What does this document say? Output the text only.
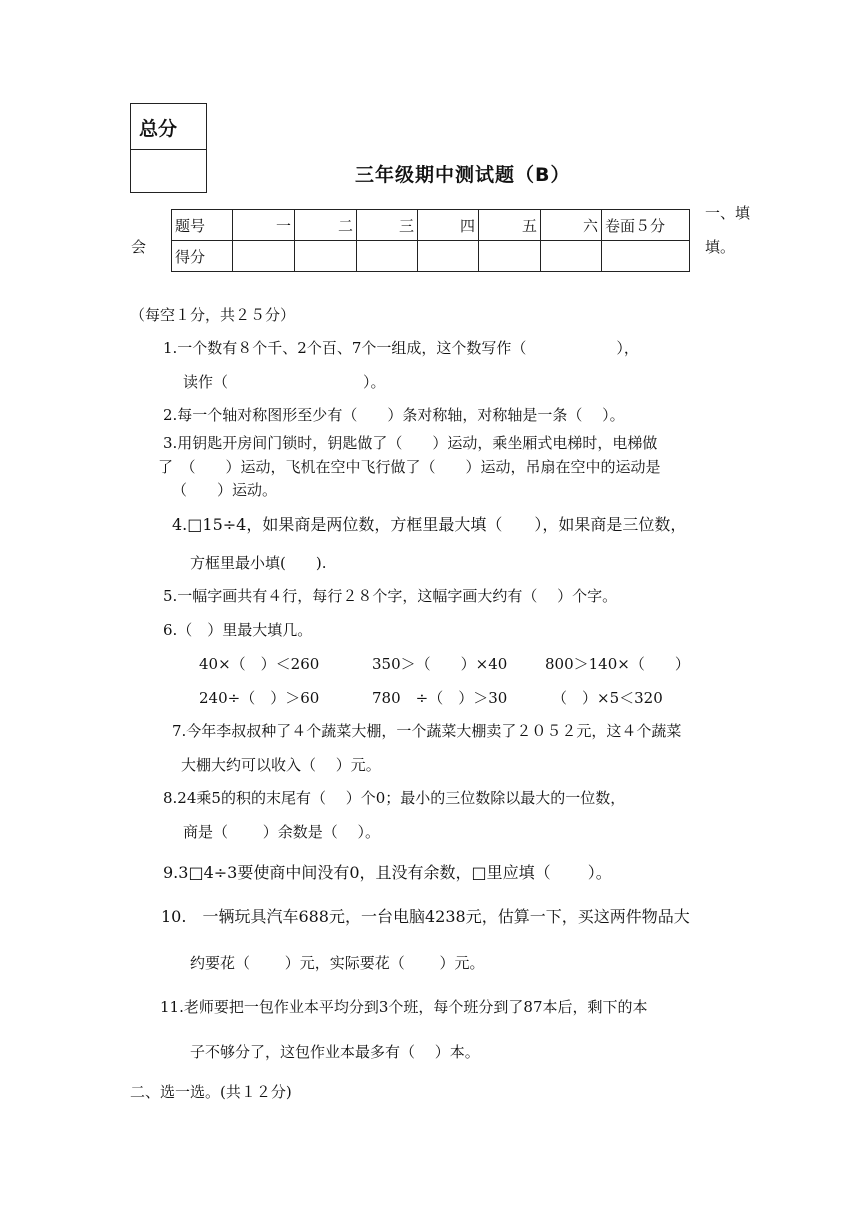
总分
三年级期中测试题（B）
会
一、填
填。
题号	一	二	三	四	五	六	卷面５分
得分							
（每空１分，共２５分）
1.一个数有８个千、2个百、7个一组成，这个数写作（　　　　　　），
读作（　　　　　　　　　）。
2.每一个轴对称图形至少有（　　）条对称轴，对称轴是一条（　 ）。
3.用钥匙开房间门锁时，钥匙做了（　　）运动，乘坐厢式电梯时，电梯做
了　（　　）运动，飞机在空中飞行做了（　　）运动，吊扇在空中的运动是
（　　）运动。
4.□15÷4，如果商是两位数，方框里最大填（　　），如果商是三位数，
方框里最小填(　　).
5.一幅字画共有４行，每行２８个字，这幅字画大约有（　 ）个字。
6.（　）里最大填几。
40×（　）＜260	350＞（　　）×40	800＞140×（　　）
240÷（　）＞60	780　÷（　）＞30	（　）×5＜320
7.今年李叔叔种了４个蔬菜大棚，一个蔬菜大棚卖了２０５２元，这４个蔬菜
大棚大约可以收入（　 ）元。
8.24乘5的积的末尾有（　 ）个0；最小的三位数除以最大的一位数，
商是（　　 ）余数是（　 ）。
9.3□4÷3要使商中间没有0，且没有余数，□里应填（　　 ）。
10.　一辆玩具汽车688元，一台电脑4238元，估算一下，买这两件物品大
约要花（　　 ）元，实际要花（　　 ）元。
11.老师要把一包作业本平均分到3个班，每个班分到了87本后，剩下的本
子不够分了，这包作业本最多有（　 ）本。
二、选一选。(共１２分)
